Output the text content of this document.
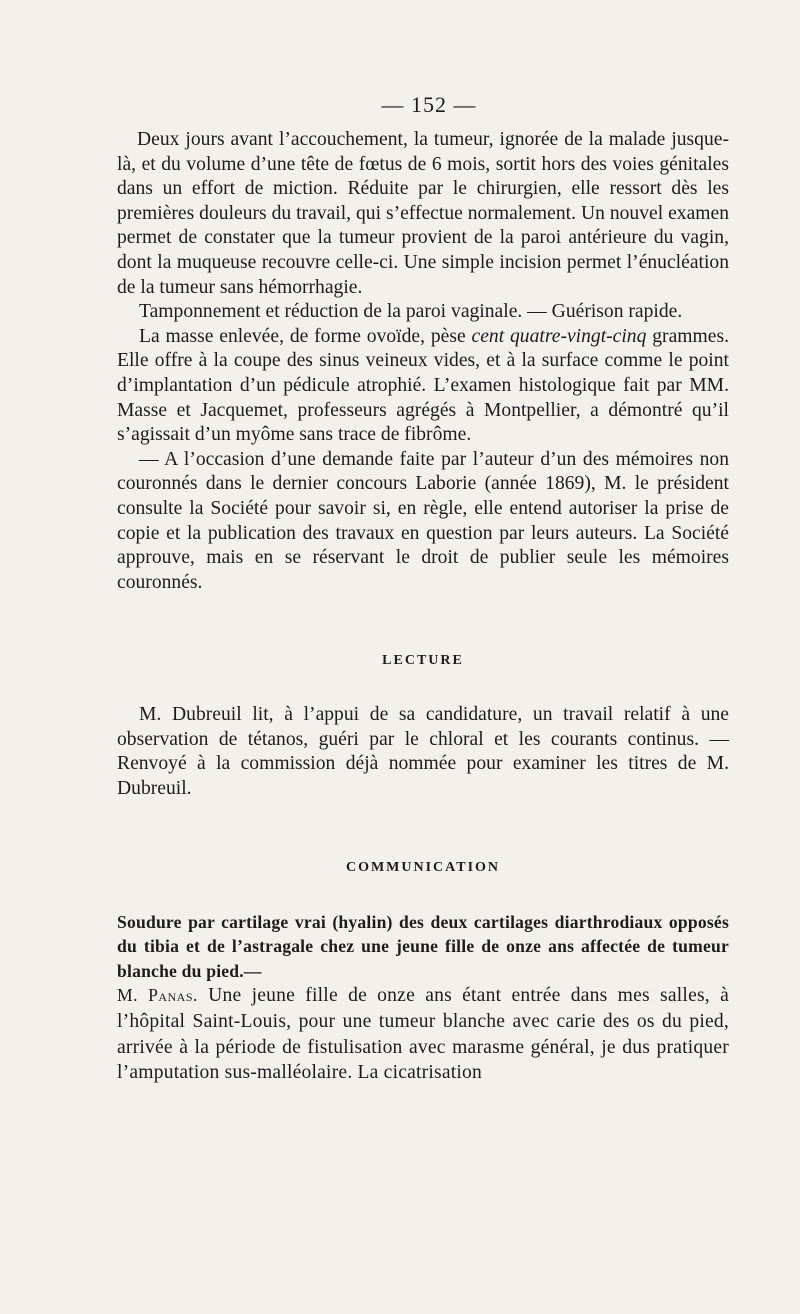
— 152 —

Deux jours avant l’accouchement, la tumeur, ignorée de la malade jusque-là, et du volume d’une tête de fœtus de 6 mois, sortit hors des voies génitales dans un effort de miction. Réduite par le chirurgien, elle ressort dès les premières douleurs du travail, qui s’effectue normalement. Un nouvel examen permet de constater que la tumeur provient de la paroi antérieure du vagin, dont la muqueuse recouvre celle-ci. Une simple incision permet l’énucléation de la tumeur sans hémorrhagie.

Tamponnement et réduction de la paroi vaginale. — Guérison rapide.

La masse enlevée, de forme ovoïde, pèse cent quatre-vingt-cinq grammes. Elle offre à la coupe des sinus veineux vides, et à la surface comme le point d’implantation d’un pédicule atrophié. L’examen histologique fait par MM. Masse et Jacquemet, professeurs agrégés à Montpellier, a démontré qu’il s’agissait d’un myôme sans trace de fibrôme.

— A l’occasion d’une demande faite par l’auteur d’un des mémoires non couronnés dans le dernier concours Laborie (année 1869), M. le président consulte la Société pour savoir si, en règle, elle entend autoriser la prise de copie et la publication des travaux en question par leurs auteurs. La Société approuve, mais en se réservant le droit de publier seule les mémoires couronnés.

LECTURE

M. Dubreuil lit, à l’appui de sa candidature, un travail relatif à une observation de tétanos, guéri par le chloral et les courants continus. — Renvoyé à la commission déjà nommée pour examiner les titres de M. Dubreuil.

COMMUNICATION

Soudure par cartilage vrai (hyalin) des deux cartilages diarthrodiaux opposés du tibia et de l’astragale chez une jeune fille de onze ans affectée de tumeur blanche du pied.—
M. Panas. Une jeune fille de onze ans étant entrée dans mes salles, à l’hôpital Saint-Louis, pour une tumeur blanche avec carie des os du pied, arrivée à la période de fistulisation avec marasme général, je dus pratiquer l’amputation sus-malléolaire. La cicatrisation
